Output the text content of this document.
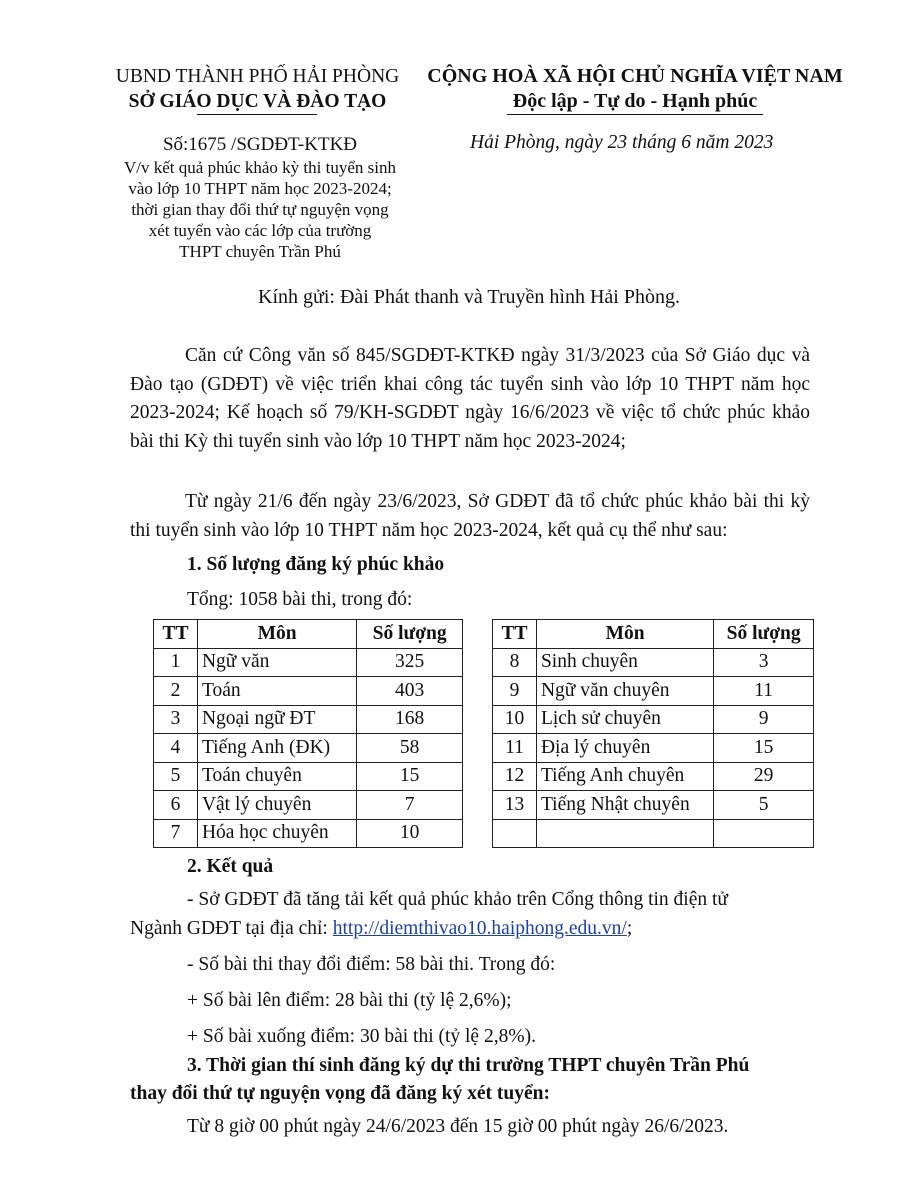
UBND THÀNH PHỐ HẢI PHÒNG
SỞ GIÁO DỤC VÀ ĐÀO TẠO
CỘNG HOÀ XÃ HỘI CHỦ NGHĨA VIỆT NAM
Độc lập - Tự do - Hạnh phúc
Số:1675 /SGDĐT-KTKĐ
V/v kết quả phúc khảo kỳ thi tuyển sinh
vào lớp 10 THPT năm học 2023-2024;
thời gian thay đổi thứ tự nguyện vọng
xét tuyển vào các lớp của trường
THPT chuyên Trần Phú
Hải Phòng, ngày 23 tháng 6 năm 2023
Kính gửi: Đài Phát thanh và Truyền hình Hải Phòng.
Căn cứ Công văn số 845/SGDĐT-KTKĐ ngày 31/3/2023 của Sở Giáo dục và Đào tạo (GDĐT) về việc triển khai công tác tuyển sinh vào lớp 10 THPT năm học 2023-2024; Kế hoạch số 79/KH-SGDĐT ngày 16/6/2023 về việc tổ chức phúc khảo bài thi Kỳ thi tuyển sinh vào lớp 10 THPT năm học 2023-2024;
Từ ngày 21/6 đến ngày 23/6/2023, Sở GDĐT đã tổ chức phúc khảo bài thi kỳ thi tuyển sinh vào lớp 10 THPT năm học 2023-2024, kết quả cụ thể như sau:
1. Số lượng đăng ký phúc khảo
Tổng: 1058 bài thi, trong đó:
TT	Môn	Số lượng
1	Ngữ văn	325
2	Toán	403
3	Ngoại ngữ ĐT	168
4	Tiếng Anh (ĐK)	58
5	Toán chuyên	15
6	Vật lý chuyên	7
7	Hóa học chuyên	10
TT	Môn	Số lượng
8	Sinh chuyên	3
9	Ngữ văn chuyên	11
10	Lịch sử chuyên	9
11	Địa lý chuyên	15
12	Tiếng Anh chuyên	29
13	Tiếng Nhật chuyên	5

2. Kết quả
- Sở GDĐT đã tăng tải kết quả phúc khảo trên Cổng thông tin điện tử
Ngành GDĐT tại địa chỉ: http://diemthivao10.haiphong.edu.vn/;
- Số bài thi thay đổi điểm: 58 bài thi. Trong đó:
+ Số bài lên điểm: 28 bài thi (tỷ lệ 2,6%);
+ Số bài xuống điểm: 30 bài thi (tỷ lệ 2,8%).
3. Thời gian thí sinh đăng ký dự thi trường THPT chuyên Trần Phú
thay đổi thứ tự nguyện vọng đã đăng ký xét tuyển:
Từ 8 giờ 00 phút ngày 24/6/2023 đến 15 giờ 00 phút ngày 26/6/2023.
